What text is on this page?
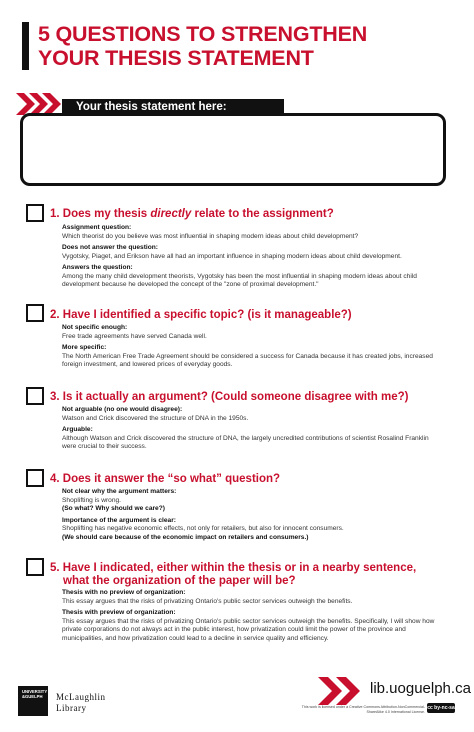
5 QUESTIONS TO STRENGTHEN
YOUR THESIS STATEMENT
Your thesis statement here:
1. Does my thesis directly relate to the assignment?
Assignment question:
Which theorist do you believe was most influential in shaping modern ideas about child development?
Does not answer the question:
Vygotsky, Piaget, and Erikson have all had an important influence in shaping modern ideas about child development.
Answers the question:
Among the many child development theorists, Vygotsky has been the most influential in shaping modern ideas about child development because he developed the concept of the "zone of proximal development."
2. Have I identified a specific topic? (is it manageable?)
Not specific enough:
Free trade agreements have served Canada well.
More specific:
The North American Free Trade Agreement should be considered a success for Canada because it has created jobs, increased foreign investment, and lowered prices of everyday goods.
3. Is it actually an argument? (Could someone disagree with me?)
Not arguable (no one would disagree):
Watson and Crick discovered the structure of DNA in the 1950s.
Arguable:
Although Watson and Crick discovered the structure of DNA, the largely uncredited contributions of scientist Rosalind Franklin were crucial to their success.
4. Does it answer the “so what” question?
Not clear why the argument matters:
Shoplifting is wrong.
(So what? Why should we care?)
Importance of the argument is clear:
Shoplifting has negative economic effects, not only for retailers, but also for innocent consumers.
(We should care because of the economic impact on retailers and consumers.)
5. Have I indicated, either within the thesis or in a nearby sentence,
what the organization of the paper will be?
Thesis with no preview of organization:
This essay argues that the risks of privatizing Ontario's public sector services outweigh the benefits.
Thesis with preview of organization:
This essay argues that the risks of privatizing Ontario's public sector services outweigh the benefits. Specifically, I will show how private corporations do not always act in the public interest, how privatization could limit the power of the province and municipalities, and how privatization could lead to a decline in service quality and efficiency.
UNIVERSITY
&GUELPH	McLaughlin
Library
lib.uoguelph.ca
This work is licensed under a Creative Commons Attribution-NonCommercial-ShareAlike 4.0 International License.
cc by-nc-sa
